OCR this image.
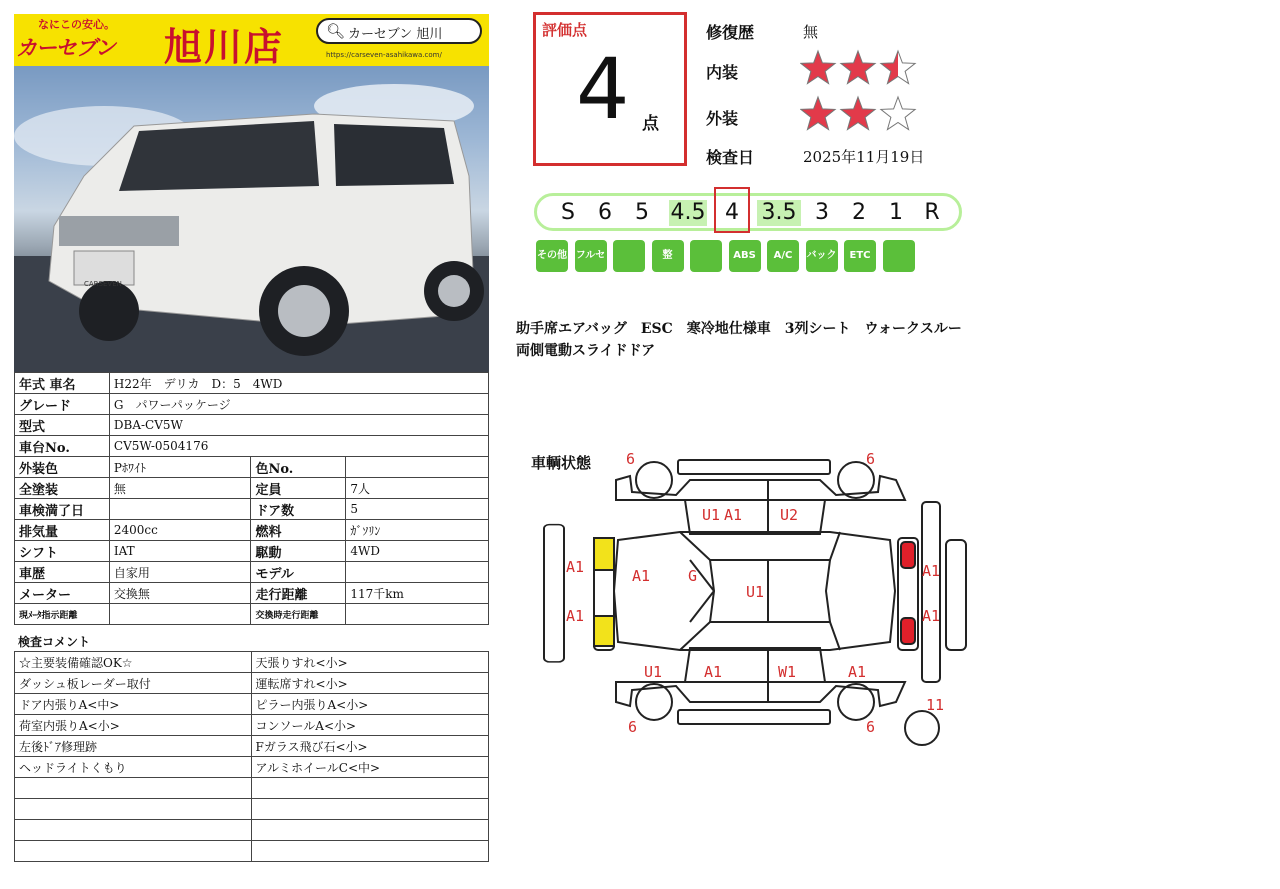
CARSEVEN
なにこの安心。
カーセブン 旭川店	🔍︎ カーセブン 旭川
https://carseven-asahikawa.com/
年式 車名	H22年　デリカ　D：5　4WD		
グレード	G　パワーパッケージ		
型式	DBA-CV5W		
車台No.	CV5W-0504176		
外装色	Pﾎﾜｲﾄ	色No.	
全塗装	無	定員	7人
車検満了日		ドア数	5
排気量	2400cc	燃料	ｶﾞｿﾘﾝ
シフト	IAT	駆動	4WD
車歴	自家用	モデル	
メーター	交換無	走行距離	117千km
現ﾒｰﾀ指示距離		交換時走行距離	
検査コメント
☆主要装備確認OK☆	天張りすれ<小>
ダッシュ板レーダー取付	運転席すれ<小>
ドア内張りA<中>	ピラー内張りA<小>
荷室内張りA<小>	コンソールA<小>
左後ﾄﾞｱ修理跡	Fガラス飛び石<小>
ヘッドライトくもり	アルミホイールC<中>

評価点
4 点
修復歴	無
内装
外装
検査日	2025年11月19日
S	6 5 4.5 4	3.5 3 2 1 R
その他 ナビ
フルセグ TV
整	ABS	A/C	バック カメラ
ETC
助手席エアバッグ　ESC　寒冷地仕様車　3列シート　ウォークスルー　両側電動スライドドア
車輌状態 6	6
6	6
11
U1 A1	U2
A1
A1
A1	G
U1
A1
A1
U1	A1	W1	A1
